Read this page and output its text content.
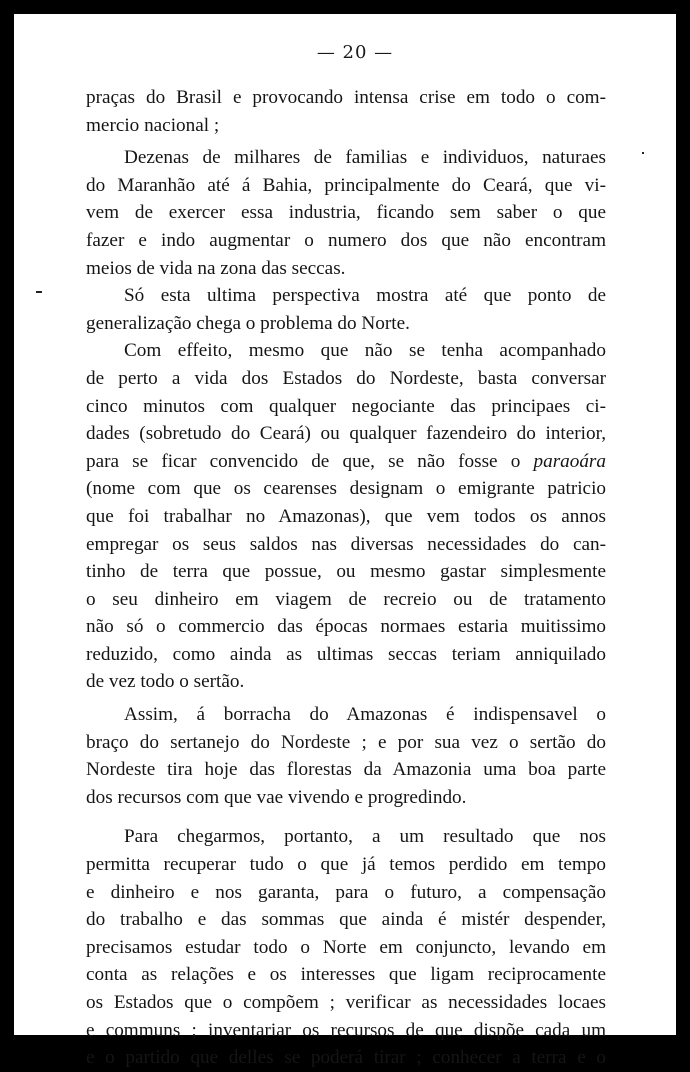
— 20 —
praças do Brasil e provocando intensa crise em todo o com-
mercio nacional ;
Dezenas de milhares de familias e individuos, naturaes
do Maranhão até á Bahia, principalmente do Ceará, que vi-
vem de exercer essa industria, ficando sem saber o que
fazer e indo augmentar o numero dos que não encontram
meios de vida na zona das seccas.
Só esta ultima perspectiva mostra até que ponto de
generalização chega o problema do Norte.
Com effeito, mesmo que não se tenha acompanhado
de perto a vida dos Estados do Nordeste, basta conversar
cinco minutos com qualquer negociante das principaes ci-
dades (sobretudo do Ceará) ou qualquer fazendeiro do interior,
para se ficar convencido de que, se não fosse o paraoára
(nome com que os cearenses designam o emigrante patricio
que foi trabalhar no Amazonas), que vem todos os annos
empregar os seus saldos nas diversas necessidades do can-
tinho de terra que possue, ou mesmo gastar simplesmente
o seu dinheiro em viagem de recreio ou de tratamento
não só o commercio das épocas normaes estaria muitissimo
reduzido, como ainda as ultimas seccas teriam anniquilado
de vez todo o sertão.
Assim, á borracha do Amazonas é indispensavel o
braço do sertanejo do Nordeste ; e por sua vez o sertão do
Nordeste tira hoje das florestas da Amazonia uma boa parte
dos recursos com que vae vivendo e progredindo.
Para chegarmos, portanto, a um resultado que nos
permitta recuperar tudo o que já temos perdido em tempo
e dinheiro e nos garanta, para o futuro, a compensação
do trabalho e das sommas que ainda é mistér despender,
precisamos estudar todo o Norte em conjuncto, levando em
conta as relações e os interesses que ligam reciprocamente
os Estados que o compõem ; verificar as necessidades locaes
e communs ; inventariar os recursos de que dispõe cada um
e o partido que delles se poderá tirar ; conhecer a terra e o
